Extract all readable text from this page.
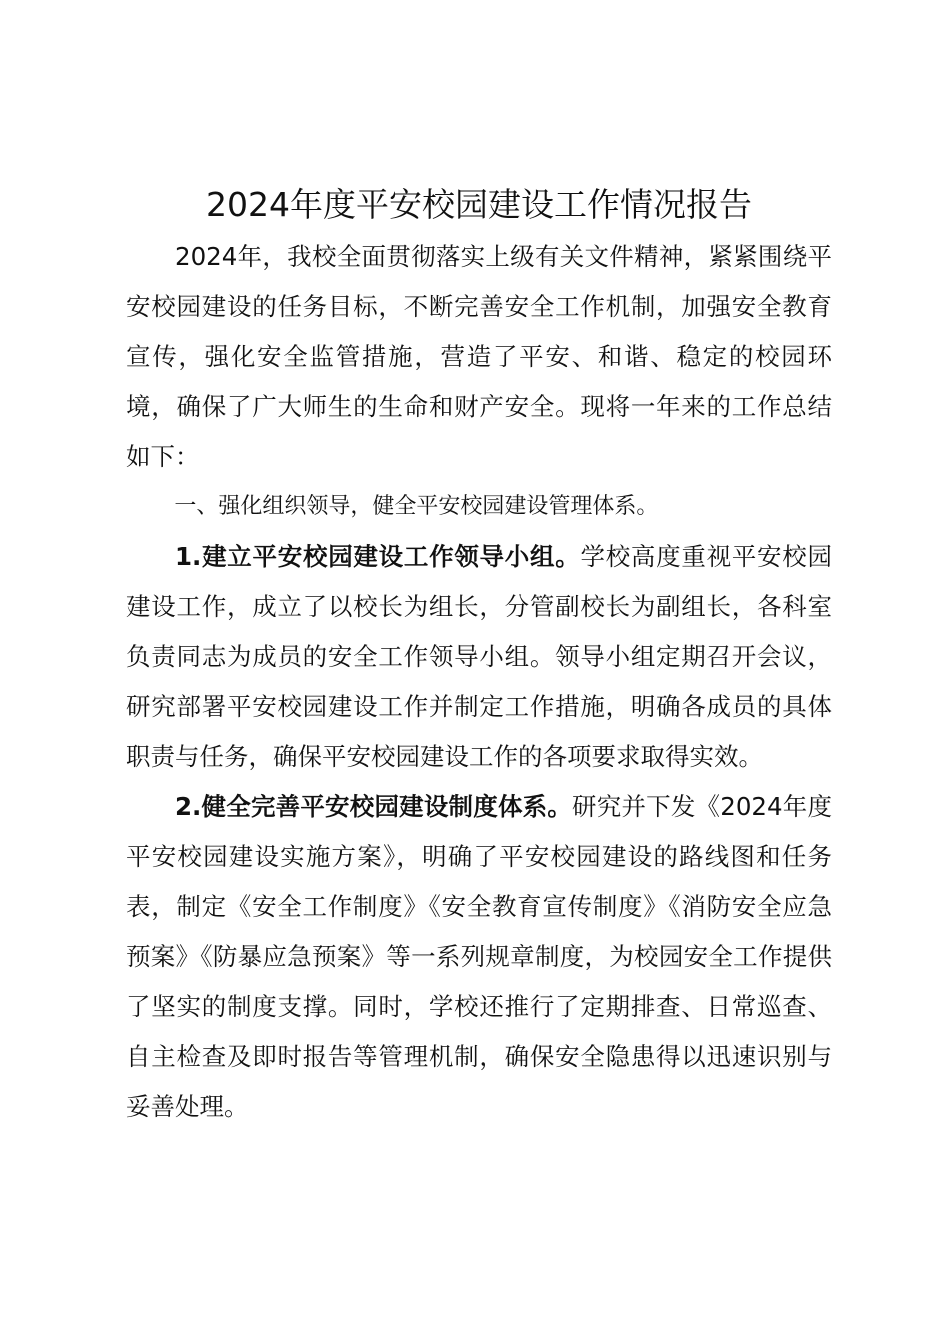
2024年度平安校园建设工作情况报告

2024年，我校全面贯彻落实上级有关文件精神，紧紧围绕平安校园建设的任务目标，不断完善安全工作机制，加强安全教育宣传，强化安全监管措施，营造了平安、和谐、稳定的校园环境，确保了广大师生的生命和财产安全。现将一年来的工作总结如下：

一、强化组织领导，健全平安校园建设管理体系。

1.建立平安校园建设工作领导小组。学校高度重视平安校园建设工作，成立了以校长为组长，分管副校长为副组长，各科室负责同志为成员的安全工作领导小组。领导小组定期召开会议，研究部署平安校园建设工作并制定工作措施，明确各成员的具体职责与任务，确保平安校园建设工作的各项要求取得实效。

2.健全完善平安校园建设制度体系。研究并下发《2024年度平安校园建设实施方案》，明确了平安校园建设的路线图和任务表，制定《安全工作制度》《安全教育宣传制度》《消防安全应急预案》《防暴应急预案》等一系列规章制度，为校园安全工作提供了坚实的制度支撑。同时，学校还推行了定期排查、日常巡查、自主检查及即时报告等管理机制，确保安全隐患得以迅速识别与妥善处理。
